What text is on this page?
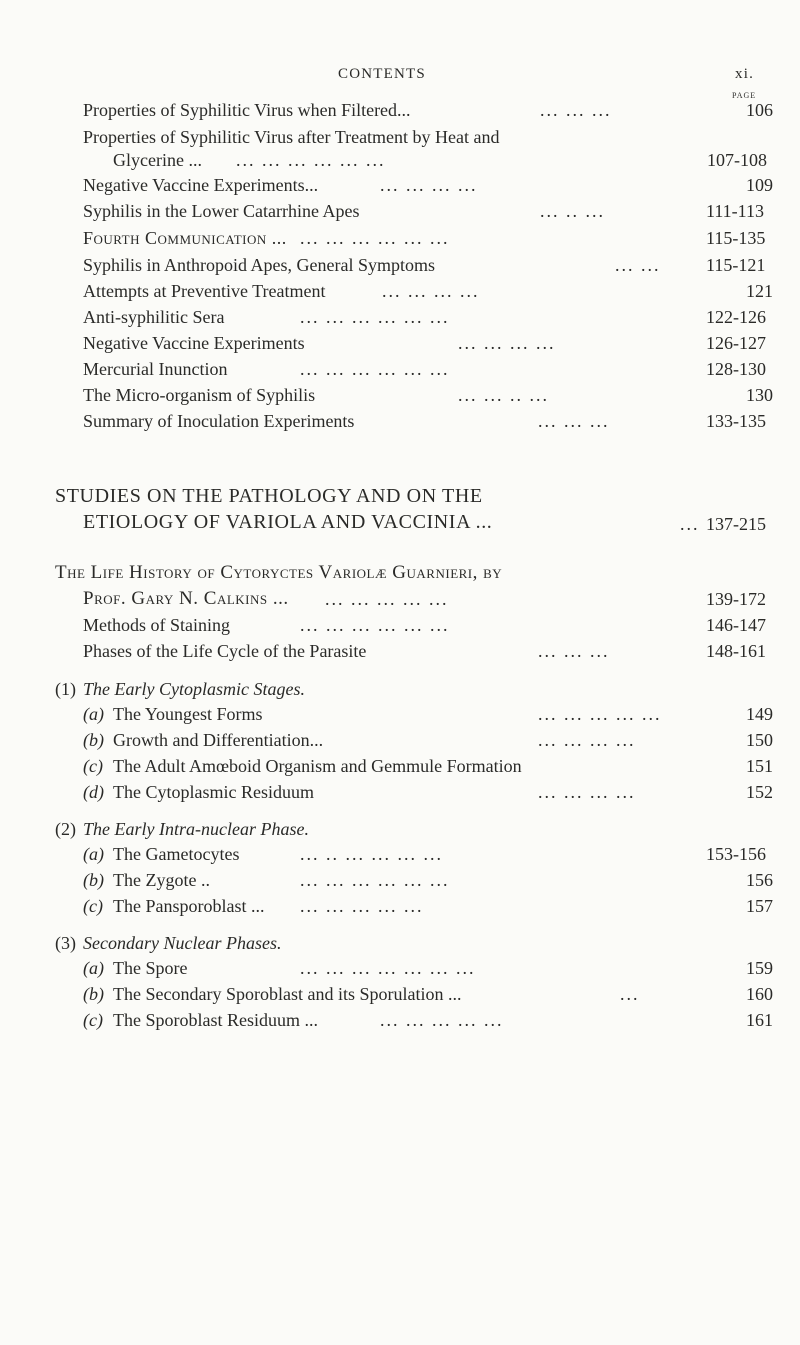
CONTENTS	xi.
PAGE
Properties of Syphilitic Virus when Filtered...	... ... ...	106
Properties of Syphilitic Virus after Treatment by Heat and
Glycerine ... ... ... ... ... ... ...	107-108
Negative Vaccine Experiments...	... ... ... ...	109
Syphilis in the Lower Catarrhine Apes	... .. ...	111-113
Fourth Communication ... ... ... ... ... ... ...	115-135
Syphilis in Anthropoid Apes, General Symptoms	... ...	115-121
Attempts at Preventive Treatment	... ... ... ...	121
Anti-syphilitic Sera	... ... ... ... ... ...	122-126
Negative Vaccine Experiments	... ... ... ...	126-127
Mercurial Inunction	... ... ... ... ... ...	128-130
The Micro-organism of Syphilis	... ... .. ...	130
Summary of Inoculation Experiments	... ... ...	133-135
STUDIES ON THE PATHOLOGY AND ON THE
ETIOLOGY OF VARIOLA AND VACCINIA ...	... 137-215
The Life History of Cytoryctes Variolæ Guarnieri, by
Prof. Gary N. Calkins ... ... ... ... ... ...	139-172
Methods of Staining	... ... ... ... ... ...	146-147
Phases of the Life Cycle of the Parasite	... ... ...	148-161
(1) The Early Cytoplasmic Stages.
(a) The Youngest Forms	... ... ... ... ...	149
(b) Growth and Differentiation...	... ... ... ...	150
(c) The Adult Amœboid Organism and Gemmule Formation	151
(d) The Cytoplasmic Residuum	... ... ... ...	152
(2) The Early Intra-nuclear Phase.
(a) The Gametocytes	... .. ... ... ... ...	153-156
(b) The Zygote ..	... ... ... ... ... ...	156
(c) The Pansporoblast ... ... ... ... ... ...	157
(3) Secondary Nuclear Phases.
(a) The Spore	... ... ... ... ... ... ...	159
(b) The Secondary Sporoblast and its Sporulation ...	...	160
(c) The Sporoblast Residuum ...	... ... ... ... ...	161
